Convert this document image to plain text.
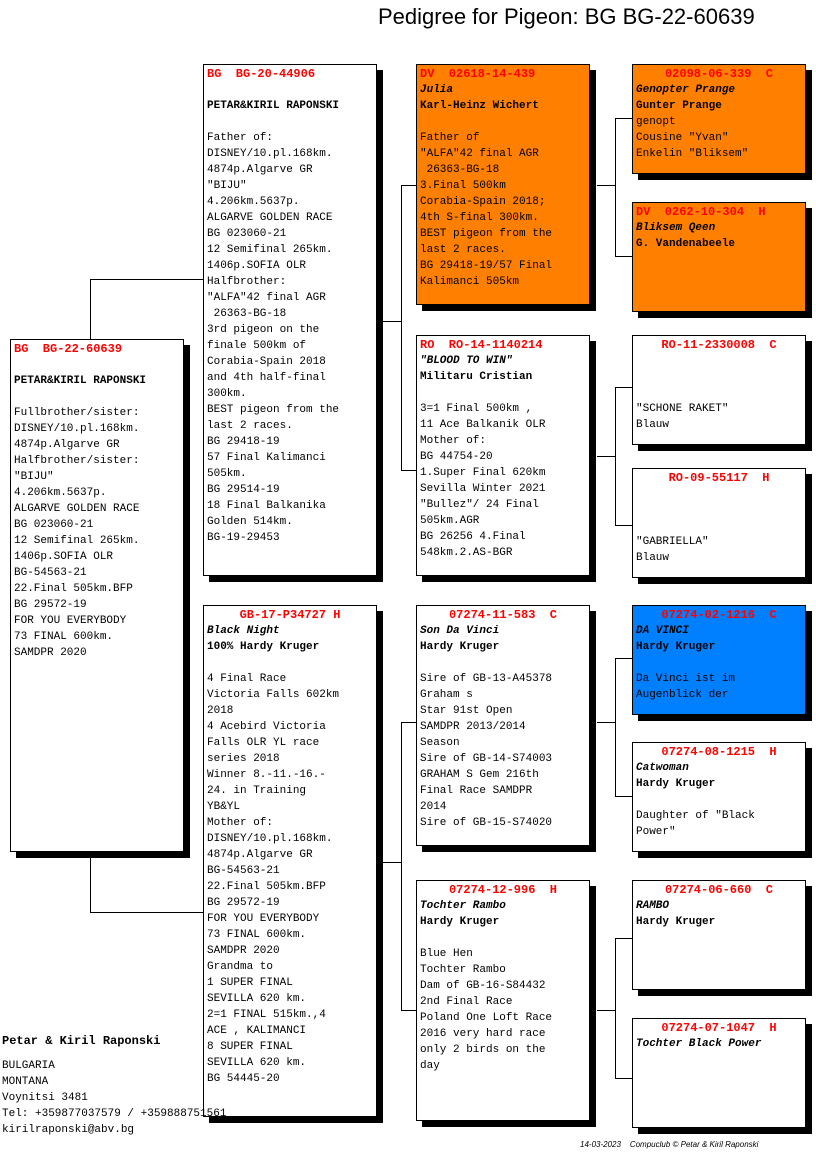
Pedigree for Pigeon: BG BG-22-60639
BG  BG-22-60639
PETAR&KIRIL RAPONSKI
Fullbrother/sister:
DISNEY/10.pl.168km.
4874p.Algarve GR
Halfbrother/sister:
"BIJU"
4.206km.5637p.
ALGARVE GOLDEN RACE
BG 023060-21
12 Semifinal 265km.
1406p.SOFIA OLR
BG-54563-21
22.Final 505km.BFP
BG 29572-19
FOR YOU EVERYBODY
73 FINAL 600km.
SAMDPR 2020
BG  BG-20-44906
PETAR&KIRIL RAPONSKI
Father of:
DISNEY/10.pl.168km.
4874p.Algarve GR
"BIJU"
4.206km.5637p.
ALGARVE GOLDEN RACE
BG 023060-21
12 Semifinal 265km.
1406p.SOFIA OLR
Halfbrother:
"ALFA"42 final AGR
26363-BG-18
3rd pigeon on the
finale 500km of
Corabia-Spain 2018
and 4th half-final
300km.
BEST pigeon from the
last 2 races.
BG 29418-19
57 Final Kalimanci
505km.
BG 29514-19
18 Final Balkanika
Golden 514km.
BG-19-29453
GB-17-P34727 H
Black Night
100% Hardy Kruger
4 Final Race
Victoria Falls 602km
2018
4 Acebird Victoria
Falls OLR YL race
series 2018
Winner 8.-11.-16.-
24. in Training
YB&YL
Mother of:
DISNEY/10.pl.168km.
4874p.Algarve GR
BG-54563-21
22.Final 505km.BFP
BG 29572-19
FOR YOU EVERYBODY
73 FINAL 600km.
SAMDPR 2020
Grandma to
1 SUPER FINAL
SEVILLA 620 km.
2=1 FINAL 515km.,4
ACE , KALIMANCI
8 SUPER FINAL
SEVILLA 620 km.
BG 54445-20
DV  02618-14-439
Julia
Karl-Heinz Wichert
Father of
"ALFA"42 final AGR
26363-BG-18
3.Final 500km
Corabia-Spain 2018;
4th S-final 300km.
BEST pigeon from the
last 2 races.
BG 29418-19/57 Final
Kalimanci 505km
RO  RO-14-1140214
"BLOOD TO WIN"
Militaru Cristian
3=1 Final 500km ,
11 Ace Balkanik OLR
Mother of:
BG 44754-20
1.Super Final 620km
Sevilla Winter 2021
"Bullez"/ 24 Final
505km.AGR
BG 26256 4.Final
548km.2.AS-BGR
07274-11-583  C
Son Da Vinci
Hardy Kruger
Sire of GB-13-A45378
Graham s
Star 91st Open
SAMDPR 2013/2014
Season
Sire of GB-14-S74003
GRAHAM S Gem 216th
Final Race SAMDPR
2014
Sire of GB-15-S74020
07274-12-996  H
Tochter Rambo
Hardy Kruger
Blue Hen
Tochter Rambo
Dam of GB-16-S84432
2nd Final Race
Poland One Loft Race
2016 very hard race
only 2 birds on the
day
02098-06-339  C
Genopter Prange
Gunter Prange
genopt
Cousine "Yvan"
Enkelin "Bliksem"
DV  0262-10-304  H
Bliksem Qeen
G. Vandenabeele
RO-11-2330008  C
"SCHONE RAKET"
Blauw
RO-09-55117  H
"GABRIELLA"
Blauw
07274-02-1216  C
DA VINCI
Hardy Kruger
Da Vinci ist im
Augenblick der
07274-08-1215  H
Catwoman
Hardy Kruger
Daughter of "Black
Power"
07274-06-660  C
RAMBO
Hardy Kruger
07274-07-1047  H
Tochter Black Power
Petar & Kiril Raponski
BULGARIA
MONTANA
Voynitsi 3481
Tel: +359877037579 / +359888751561
kirilraponski@abv.bg
14-03-2023    Compuclub © Petar & Kiril Raponski
